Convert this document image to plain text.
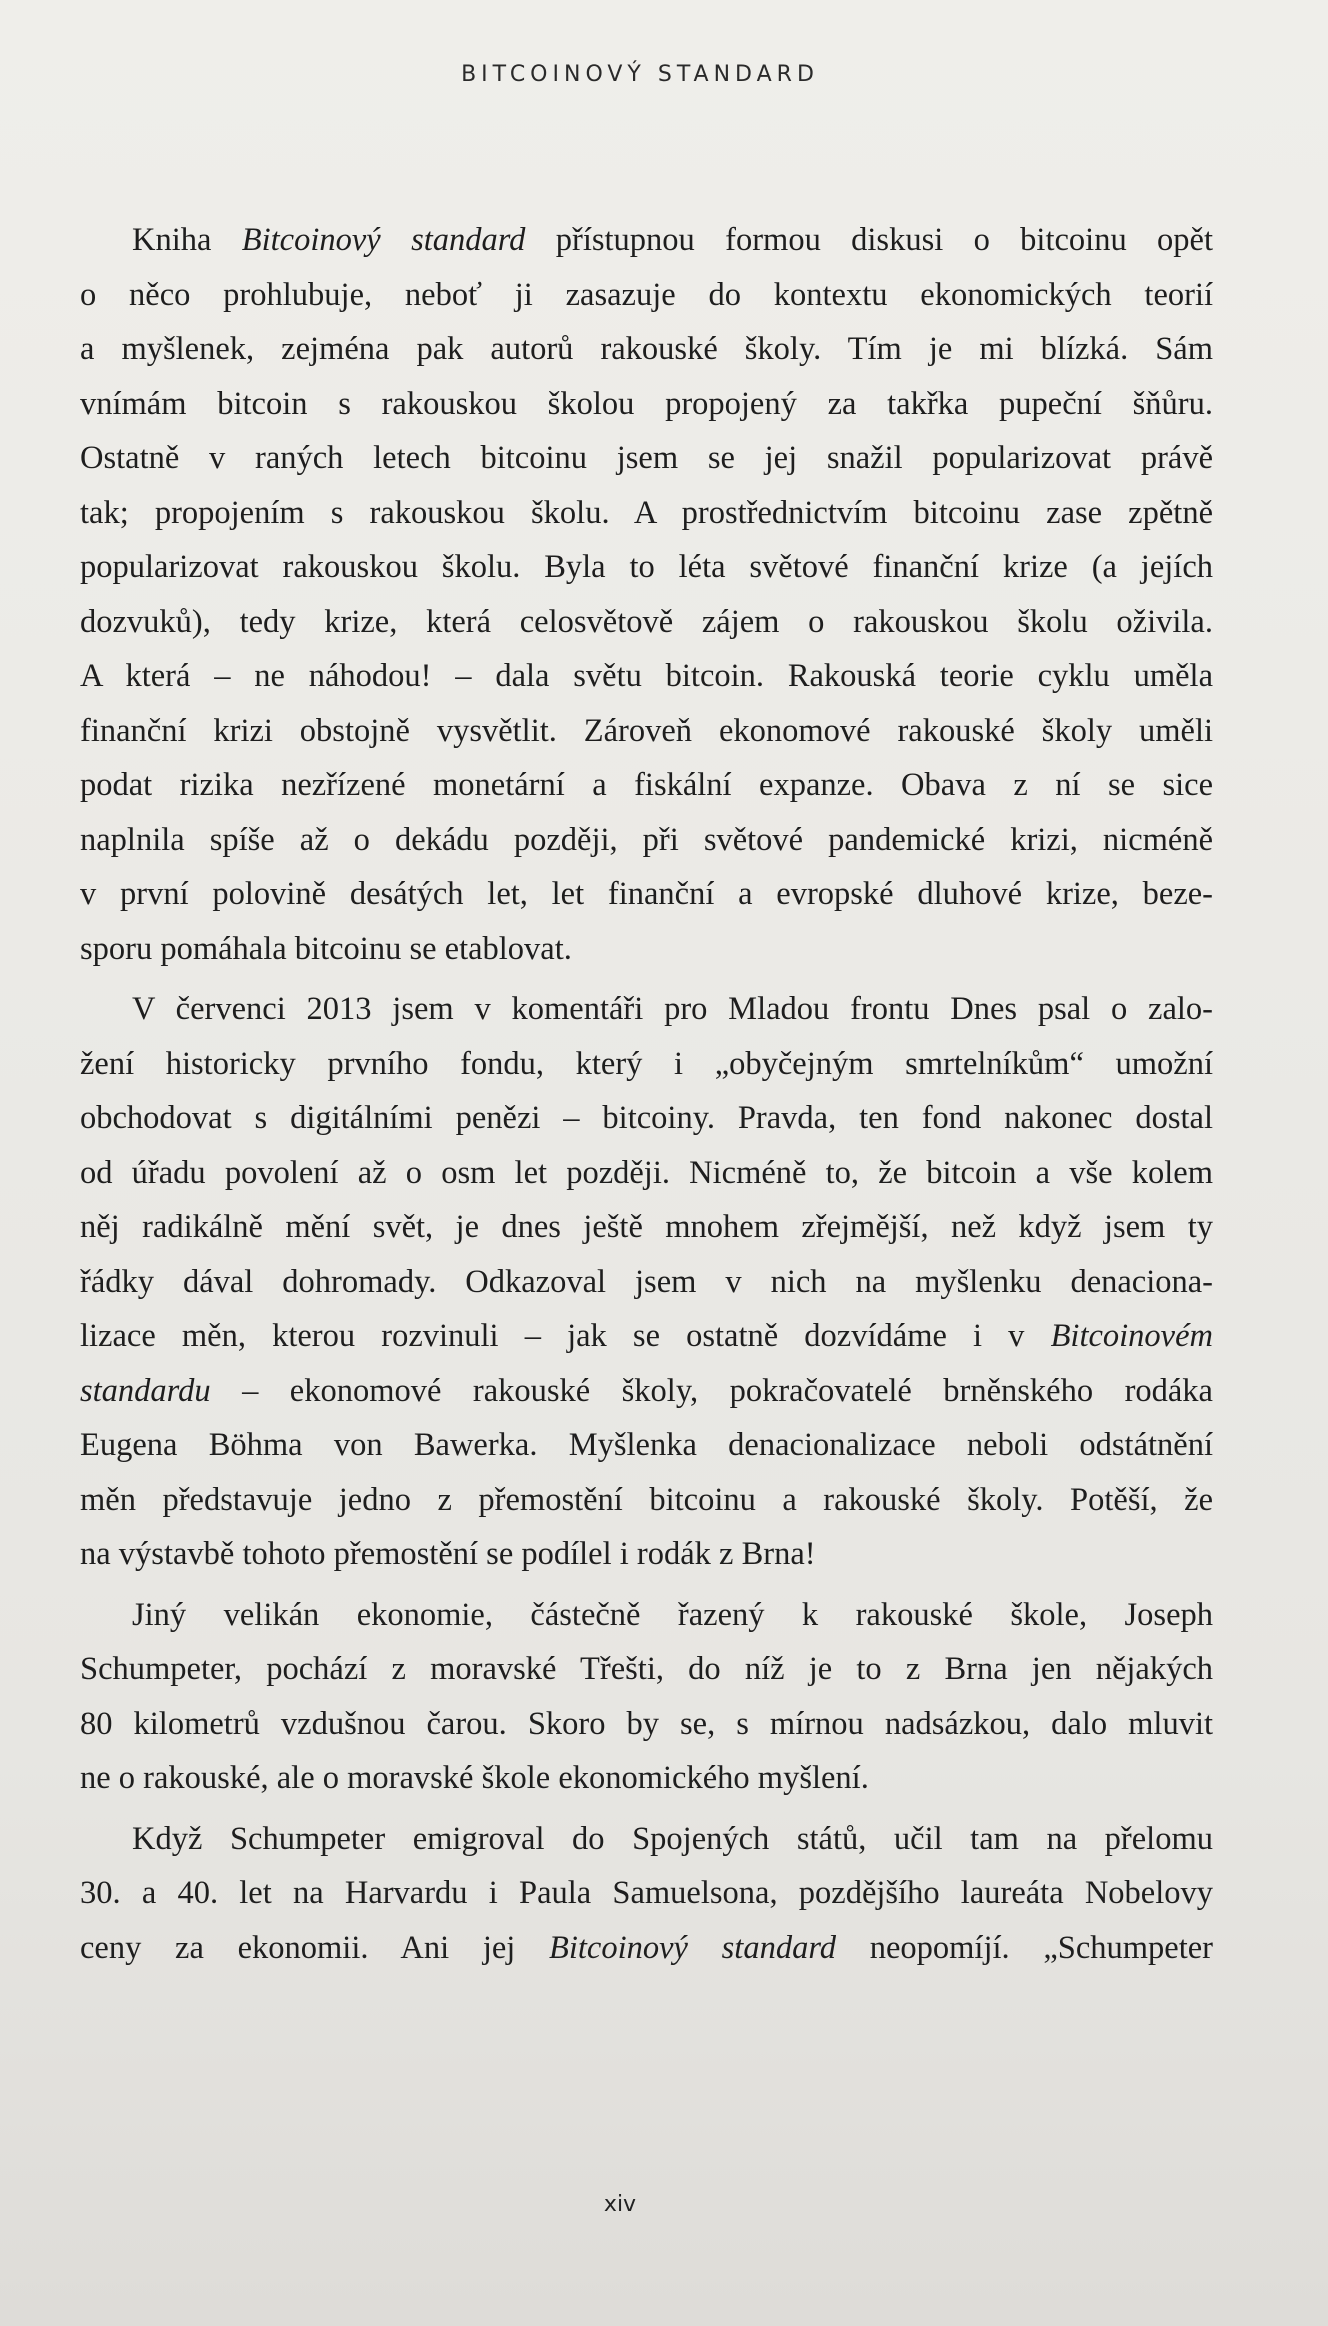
BITCOINOVÝ STANDARD
Kniha Bitcoinový standard přístupnou formou diskusi o bitcoinu opět
o něco prohlubuje, neboť ji zasazuje do kontextu ekonomických teorií
a myšlenek, zejména pak autorů rakouské školy. Tím je mi blízká. Sám
vnímám bitcoin s rakouskou školou propojený za takřka pupeční šňůru.
Ostatně v raných letech bitcoinu jsem se jej snažil popularizovat právě
tak; propojením s rakouskou školu. A prostřednictvím bitcoinu zase zpětně
popularizovat rakouskou školu. Byla to léta světové finanční krize (a jejích
dozvuků), tedy krize, která celosvětově zájem o rakouskou školu oživila.
A která – ne náhodou! – dala světu bitcoin. Rakouská teorie cyklu uměla
finanční krizi obstojně vysvětlit. Zároveň ekonomové rakouské školy uměli
podat rizika nezřízené monetární a fiskální expanze. Obava z ní se sice
naplnila spíše až o dekádu později, při světové pandemické krizi, nicméně
v první polovině desátých let, let finanční a evropské dluhové krize, beze-
sporu pomáhala bitcoinu se etablovat.
V červenci 2013 jsem v komentáři pro Mladou frontu Dnes psal o zalo-
žení historicky prvního fondu, který i „obyčejným smrtelníkům“ umožní
obchodovat s digitálními penězi – bitcoiny. Pravda, ten fond nakonec dostal
od úřadu povolení až o osm let později. Nicméně to, že bitcoin a vše kolem
něj radikálně mění svět, je dnes ještě mnohem zřejmější, než když jsem ty
řádky dával dohromady. Odkazoval jsem v nich na myšlenku denaciona-
lizace měn, kterou rozvinuli – jak se ostatně dozvídáme i v Bitcoinovém
standardu – ekonomové rakouské školy, pokračovatelé brněnského rodáka
Eugena Böhma von Bawerka. Myšlenka denacionalizace neboli odstátnění
měn představuje jedno z přemostění bitcoinu a rakouské školy. Potěší, že
na výstavbě tohoto přemostění se podílel i rodák z Brna!
Jiný velikán ekonomie, částečně řazený k rakouské škole, Joseph
Schumpeter, pochází z moravské Třešti, do níž je to z Brna jen nějakých
80 kilometrů vzdušnou čarou. Skoro by se, s mírnou nadsázkou, dalo mluvit
ne o rakouské, ale o moravské škole ekonomického myšlení.
Když Schumpeter emigroval do Spojených států, učil tam na přelomu
30. a 40. let na Harvardu i Paula Samuelsona, pozdějšího laureáta Nobelovy
ceny za ekonomii. Ani jej Bitcoinový standard neopomíjí. „Schumpeter
xiv
